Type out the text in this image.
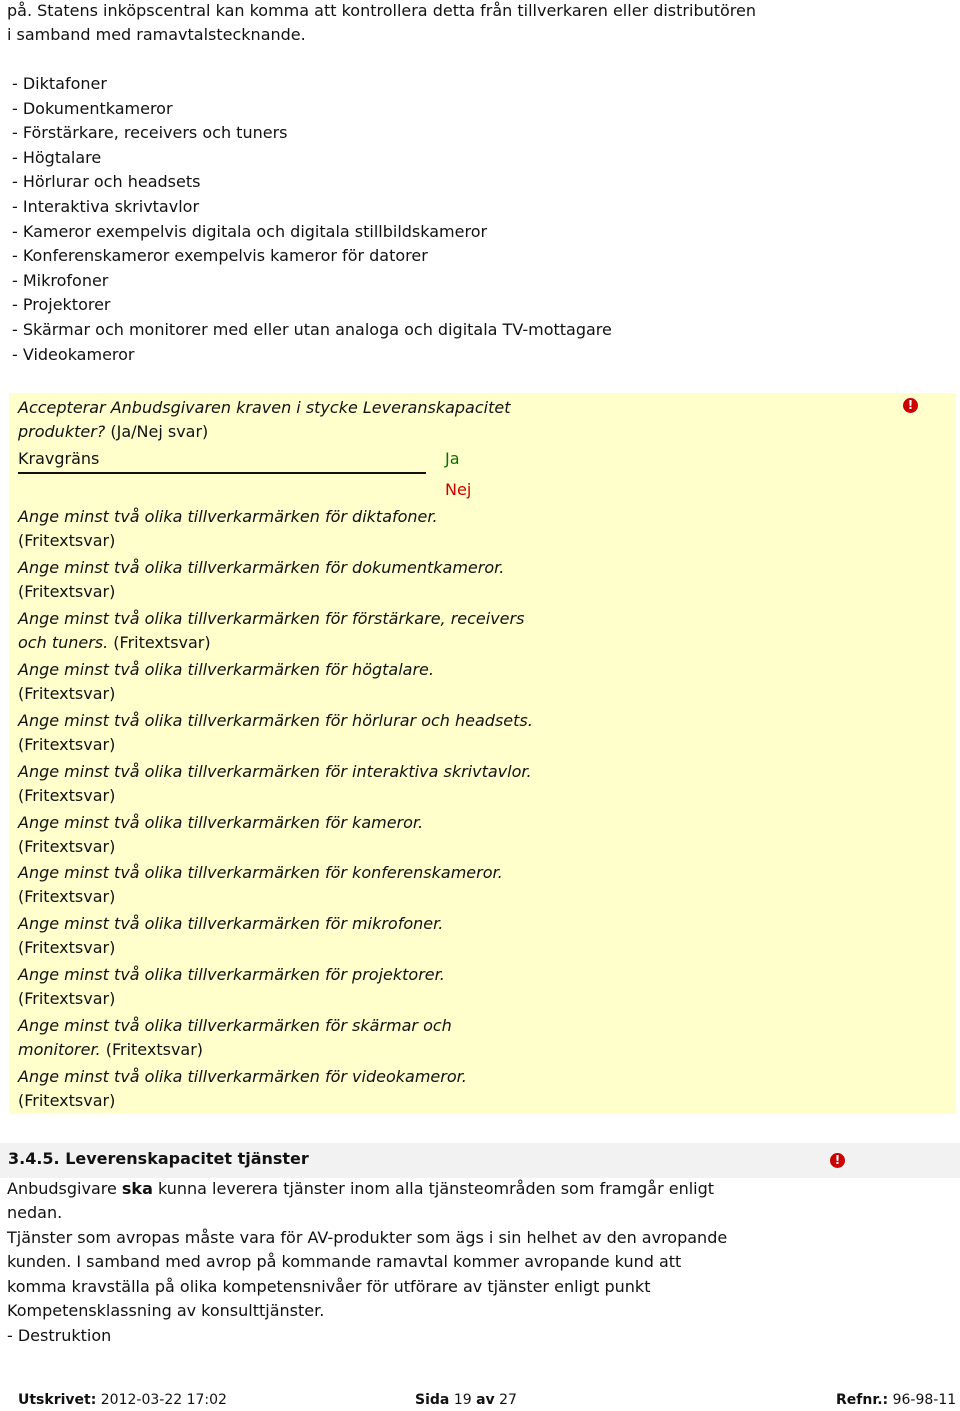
på. Statens inköpscentral kan komma att kontrollera detta från tillverkaren eller distributören
i samband med ramavtalstecknande.
- Diktafoner
- Dokumentkameror
- Förstärkare, receivers och tuners
- Högtalare
- Hörlurar och headsets
- Interaktiva skrivtavlor
- Kameror exempelvis digitala och digitala stillbildskameror
- Konferenskameror exempelvis kameror för datorer
- Mikrofoner
- Projektorer
- Skärmar och monitorer med eller utan analoga och digitala TV-mottagare
- Videokameror
!
Accepterar Anbudsgivaren kraven i stycke Leveranskapacitet
produkter? (Ja/Nej svar)
Kravgräns	Ja
Nej
Ange minst två olika tillverkarmärken för diktafoner.
(Fritextsvar)
Ange minst två olika tillverkarmärken för dokumentkameror.
(Fritextsvar)
Ange minst två olika tillverkarmärken för förstärkare, receivers
och tuners. (Fritextsvar)
Ange minst två olika tillverkarmärken för högtalare.
(Fritextsvar)
Ange minst två olika tillverkarmärken för hörlurar och headsets.
(Fritextsvar)
Ange minst två olika tillverkarmärken för interaktiva skrivtavlor.
(Fritextsvar)
Ange minst två olika tillverkarmärken för kameror.
(Fritextsvar)
Ange minst två olika tillverkarmärken för konferenskameror.
(Fritextsvar)
Ange minst två olika tillverkarmärken för mikrofoner.
(Fritextsvar)
Ange minst två olika tillverkarmärken för projektorer.
(Fritextsvar)
Ange minst två olika tillverkarmärken för skärmar och
monitorer. (Fritextsvar)
Ange minst två olika tillverkarmärken för videokameror.
(Fritextsvar)
3.4.5. Leverenskapacitet tjänster	!
Anbudsgivare ska kunna leverera tjänster inom alla tjänsteområden som framgår enligt
nedan.
Tjänster som avropas måste vara för AV-produkter som ägs i sin helhet av den avropande
kunden. I samband med avrop på kommande ramavtal kommer avropande kund att
komma kravställa på olika kompetensnivåer för utförare av tjänster enligt punkt
Kompetensklassning av konsulttjänster.
- Destruktion
Utskrivet: 2012-03-22 17:02	Sida 19 av 27	Refnr.: 96-98-11
